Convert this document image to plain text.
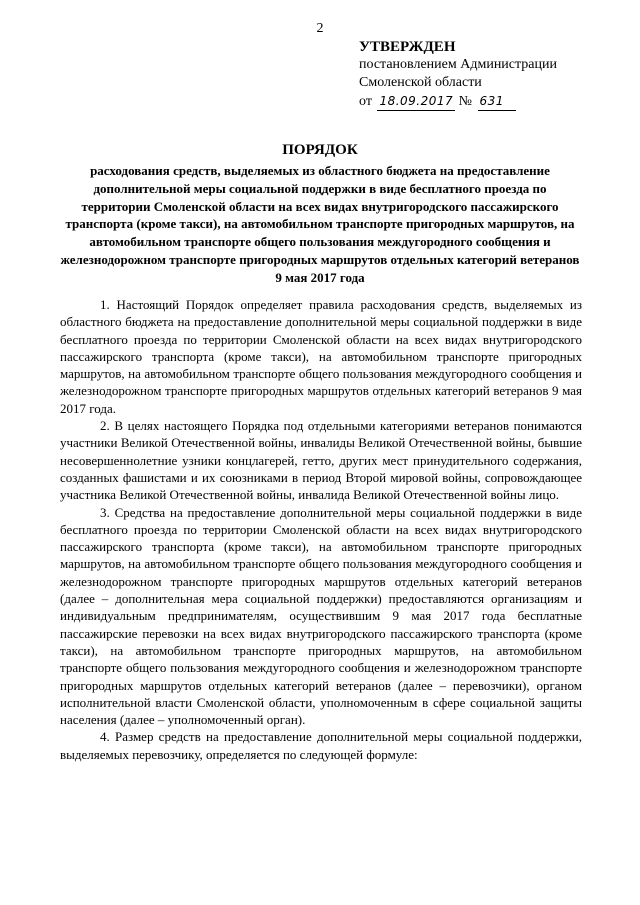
2
УТВЕРЖДЕН
постановлением Администрации
Смоленской области
от 18.09.2017 № 631
ПОРЯДОК
расходования средств, выделяемых из областного бюджета на предоставление дополнительной меры социальной поддержки в виде бесплатного проезда по территории Смоленской области на всех видах внутригородского пассажирского транспорта (кроме такси), на автомобильном транспорте пригородных маршрутов, на автомобильном транспорте общего пользования междугородного сообщения и железнодорожном транспорте пригородных маршрутов отдельных категорий ветеранов 9 мая 2017 года

1. Настоящий Порядок определяет правила расходования средств, выделяемых из областного бюджета на предоставление дополнительной меры социальной поддержки в виде бесплатного проезда по территории Смоленской области на всех видах внутригородского пассажирского транспорта (кроме такси), на автомобильном транспорте пригородных маршрутов, на автомобильном транспорте общего пользования междугородного сообщения и железнодорожном транспорте пригородных маршрутов отдельных категорий ветеранов 9 мая 2017 года.

2. В целях настоящего Порядка под отдельными категориями ветеранов понимаются участники Великой Отечественной войны, инвалиды Великой Отечественной войны, бывшие несовершеннолетние узники концлагерей, гетто, других мест принудительного содержания, созданных фашистами и их союзниками в период Второй мировой войны, сопровождающее участника Великой Отечественной войны, инвалида Великой Отечественной войны лицо.

3. Средства на предоставление дополнительной меры социальной поддержки в виде бесплатного проезда по территории Смоленской области на всех видах внутригородского пассажирского транспорта (кроме такси), на автомобильном транспорте пригородных маршрутов, на автомобильном транспорте общего пользования междугородного сообщения и железнодорожном транспорте пригородных маршрутов отдельных категорий ветеранов (далее – дополнительная мера социальной поддержки) предоставляются организациям и индивидуальным предпринимателям, осуществившим 9 мая 2017 года бесплатные пассажирские перевозки на всех видах внутригородского пассажирского транспорта (кроме такси), на автомобильном транспорте пригородных маршрутов, на автомобильном транспорте общего пользования междугородного сообщения и железнодорожном транспорте пригородных маршрутов отдельных категорий ветеранов (далее – перевозчики), органом исполнительной власти Смоленской области, уполномоченным в сфере социальной защиты населения (далее – уполномоченный орган).

4. Размер средств на предоставление дополнительной меры социальной поддержки, выделяемых перевозчику, определяется по следующей формуле:
